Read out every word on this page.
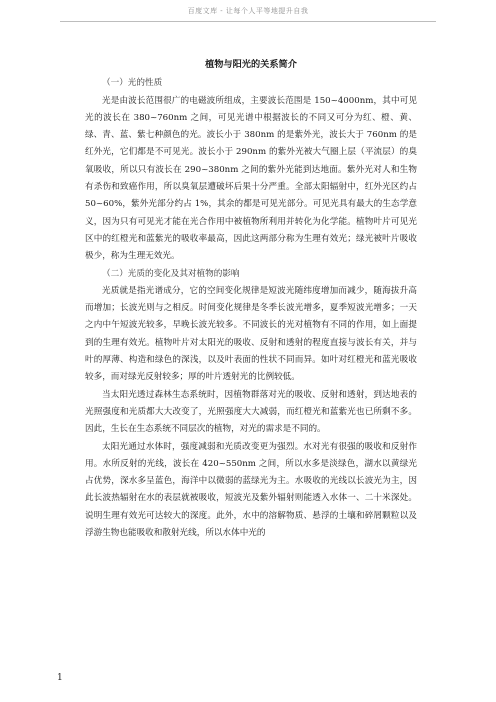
百度文库 - 让每个人平等地提升自我

植物与阳光的关系简介

（一）光的性质

光是由波长范围很广的电磁波所组成，主要波长范围是 150~4000nm，其中可见光的波长在 380~760nm 之间，可见光谱中根据波长的不同又可分为红、橙、黄、绿、青、蓝、紫七种颜色的光。波长小于 380nm 的是紫外光，波长大于 760nm 的是红外光，它们都是不可见光。波长小于 290nm 的紫外光被大气圈上层（平流层）的臭氧吸收，所以只有波长在 290~380nm 之间的紫外光能到达地面。紫外光对人和生物有杀伤和致癌作用，所以臭氧层遭破坏后果十分严重。全部太阳辐射中，红外光区约占 50~60%，紫外光部分约占 1%，其余的都是可见光部分。可见光具有最大的生态学意义，因为只有可见光才能在光合作用中被植物所利用并转化为化学能。植物叶片可见光区中的红橙光和蓝紫光的吸收率最高，因此这两部分称为生理有效光；绿光被叶片吸收极少，称为生理无效光。

（二）光质的变化及其对植物的影响

光质就是指光谱成分，它的空间变化规律是短波光随纬度增加而减少，随海拔升高而增加；长波光则与之相反。时间变化规律是冬季长波光增多，夏季短波光增多；一天之内中午短波光较多，早晚长波光较多。不同波长的光对植物有不同的作用，如上面提到的生理有效光。植物叶片对太阳光的吸收、反射和透射的程度直接与波长有关，并与叶的厚薄、构造和绿色的深浅，以及叶表面的性状不同而异。如叶对红橙光和蓝光吸收较多，而对绿光反射较多；厚的叶片透射光的比例较低。

当太阳光透过森林生态系统时，因植物群落对光的吸收、反射和透射，到达地表的光照强度和光质都大大改变了，光照强度大大减弱，而红橙光和蓝紫光也已所剩不多。因此，生长在生态系统不同层次的植物，对光的需求是不同的。

太阳光通过水体时，强度减弱和光质改变更为强烈。水对光有很强的吸收和反射作用。水所反射的光线，波长在 420~550nm 之间，所以水多是淡绿色，湖水以黄绿光占优势，深水多呈蓝色，海洋中以微弱的蓝绿光为主。水吸收的光线以长波光为主，因此长波热辐射在水的表层就被吸收，短波光及紫外辐射则能透入水体一、二十米深处。说明生理有效光可达较大的深度。此外，水中的溶解物质、悬浮的土壤和碎屑颗粒以及浮游生物也能吸收和散射光线，所以水体中光的

1
